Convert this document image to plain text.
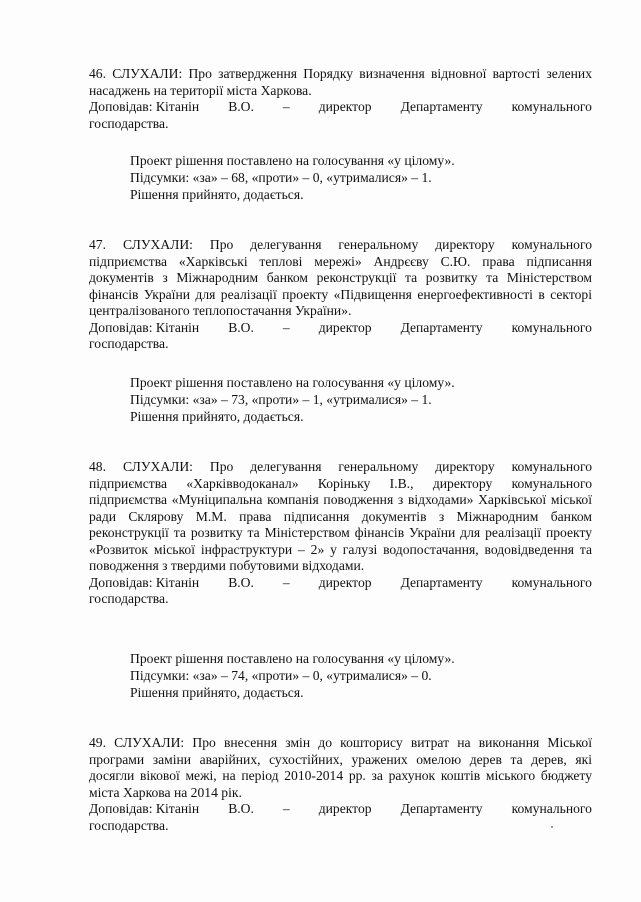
46. СЛУХАЛИ: Про затвердження Порядку визначення відновної вартості зелених насаджень на території міста Харкова.

Доповідав: Кітанін В.О. – директор Департаменту комунального
господарства.

Проект рішення поставлено на голосування «у цілому».

Підсумки: «за» – 68, «проти» – 0, «утрималися» – 1.

Рішення прийнято, додається.

47. СЛУХАЛИ: Про делегування генеральному директору комунального підприємства «Харківські теплові мережі» Андрєєву С.Ю. права підписання документів з Міжнародним банком реконструкції та розвитку та Міністерством фінансів України для реалізації проекту «Підвищення енергоефективності в секторі централізованого теплопостачання України».

Доповідав: Кітанін В.О. – директор Департаменту комунального
господарства.

Проект рішення поставлено на голосування «у цілому».

Підсумки: «за» – 73, «проти» – 1, «утрималися» – 1.

Рішення прийнято, додається.

48. СЛУХАЛИ: Про делегування генеральному директору комунального підприємства «Харківводоканал» Коріньку І.В., директору комунального підприємства «Муніципальна компанія поводження з відходами» Харківської міської ради Склярову М.М. права підписання документів з Міжнародним банком реконструкції та розвитку та Міністерством фінансів України для реалізації проекту «Розвиток міської інфраструктури – 2» у галузі водопостачання, водовідведення та поводження з твердими побутовими відходами.

Доповідав: Кітанін В.О. – директор Департаменту комунального
господарства.

Проект рішення поставлено на голосування «у цілому».

Підсумки: «за» – 74, «проти» – 0, «утрималися» – 0.

Рішення прийнято, додається.

49. СЛУХАЛИ: Про внесення змін до кошторису витрат на виконання Міської програми заміни аварійних, сухостійних, уражених омелою дерев та дерев, які досягли вікової межі, на період 2010-2014 рр. за рахунок коштів міського бюджету міста Харкова на 2014 рік.

Доповідав: Кітанін В.О. – директор Департаменту комунального
господарства.
